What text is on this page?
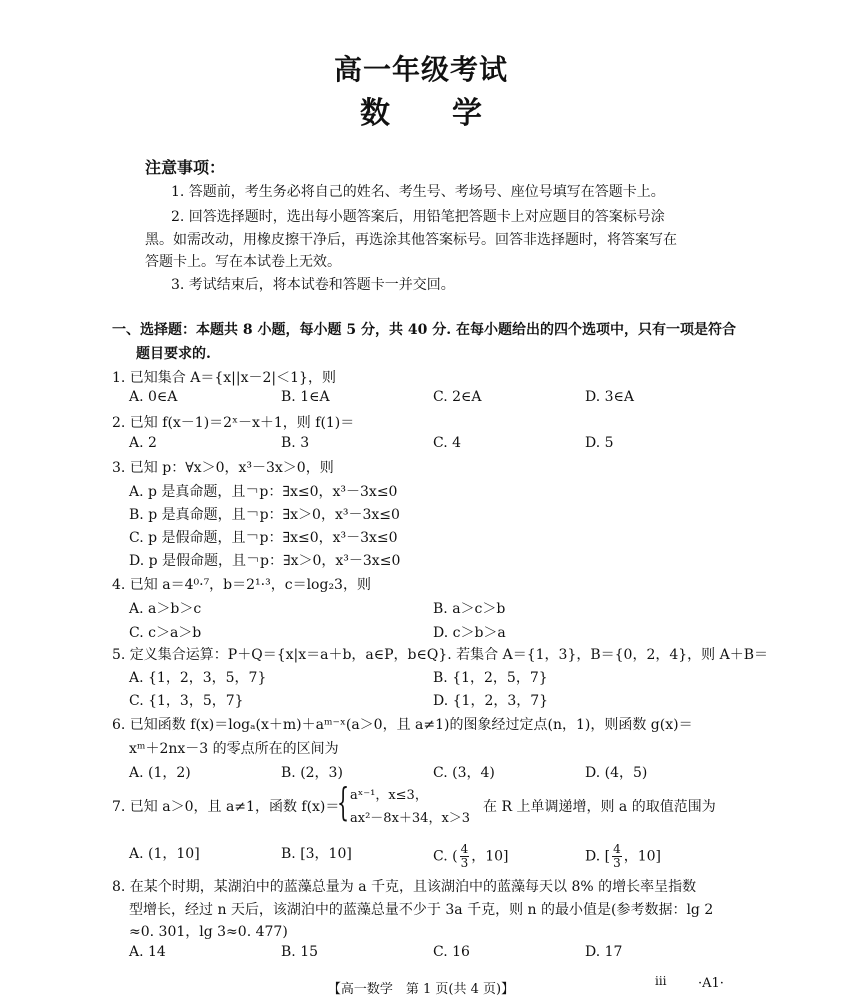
高一年级考试
数学
注意事项：
1. 答题前，考生务必将自己的姓名、考生号、考场号、座位号填写在答题卡上。
2. 回答选择题时，选出每小题答案后，用铅笔把答题卡上对应题目的答案标号涂
黑。如需改动，用橡皮擦干净后，再选涂其他答案标号。回答非选择题时，将答案写在
答题卡上。写在本试卷上无效。
3. 考试结束后，将本试卷和答题卡一并交回。
一、选择题：本题共 8 小题，每小题 5 分，共 40 分. 在每小题给出的四个选项中，只有一项是符合
题目要求的.
1. 已知集合 A＝{x||x－2|＜1}，则
A. 0∈A	B. 1∈A	C. 2∈A	D. 3∈A
2. 已知 f(x－1)＝2ˣ－x＋1，则 f(1)＝
A. 2	B. 3	C. 4	D. 5
3. 已知 p：∀x＞0，x³－3x＞0，则
A. p 是真命题，且￢p：∃x≤0，x³－3x≤0
B. p 是真命题，且￢p：∃x＞0，x³－3x≤0
C. p 是假命题，且￢p：∃x≤0，x³－3x≤0
D. p 是假命题，且￢p：∃x＞0，x³－3x≤0
4. 已知 a＝4⁰·⁷，b＝2¹·³，c＝log₂3，则
A. a＞b＞c	B. a＞c＞b
C. c＞a＞b	D. c＞b＞a
5. 定义集合运算：P＋Q＝{x|x＝a＋b，a∈P，b∈Q}. 若集合 A＝{1，3}，B＝{0，2，4}，则 A＋B＝
A. {1，2，3，5，7}	B. {1，2，5，7}
C. {1，3，5，7}	D. {1，2，3，7}
6. 已知函数 f(x)＝logₐ(x＋m)＋aᵐ⁻ˣ(a＞0，且 a≠1)的图象经过定点(n，1)，则函数 g(x)＝
xᵐ＋2nx－3 的零点所在的区间为
A. (1，2)	B. (2，3)	C. (3，4)	D. (4，5)
7. 已知 a＞0，且 a≠1，函数 f(x)＝
{ aˣ⁻¹，x≤3，
ax²－8x＋34，x＞3
在 R 上单调递增，则 a 的取值范围为
A. (1，10]	B. [3，10]	C. ( $\frac{4}{3}$ ，10]	D. [ $\frac{4}{3}$ ，10]
8. 在某个时期，某湖泊中的蓝藻总量为 a 千克，且该湖泊中的蓝藻每天以 8% 的增长率呈指数
型增长，经过 n 天后，该湖泊中的蓝藻总量不少于 3a 千克，则 n 的最小值是(参考数据：lg 2
≈0. 301，lg 3≈0. 477)
A. 14	B. 15	C. 16	D. 17
【高一数学　第 1 页(共 4 页)】
ⅲ ·A1·
